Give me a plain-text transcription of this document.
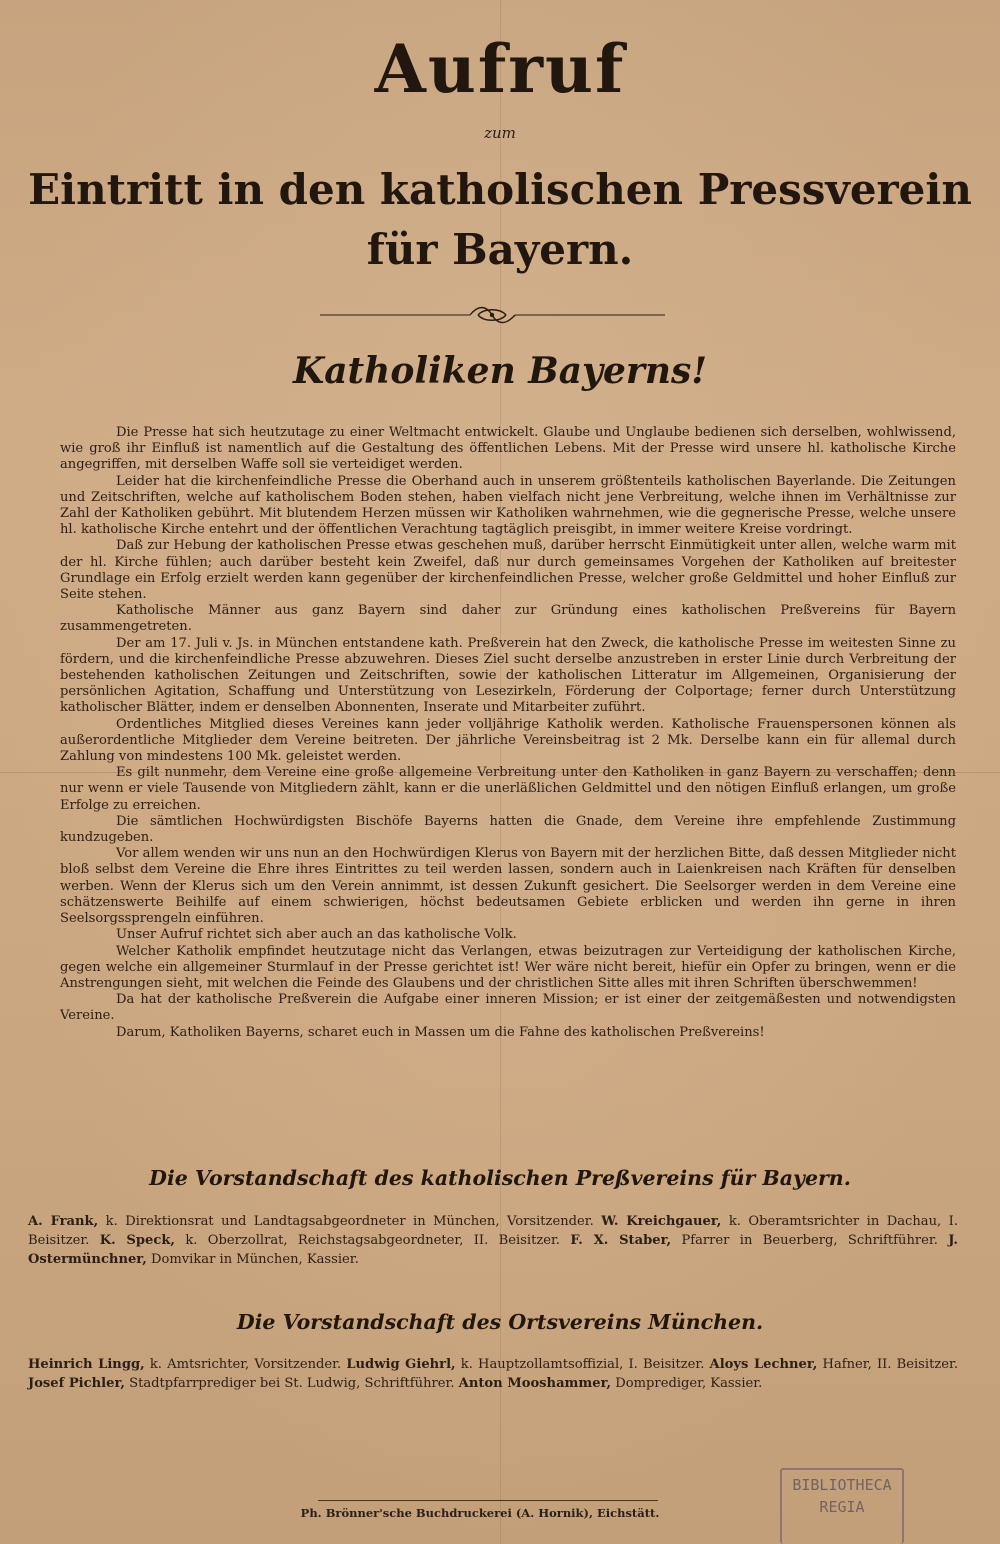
Aufruf
zum
Eintritt in den katholischen Pressverein
für Bayern.
Katholiken Bayerns!

Die Presse hat sich heutzutage zu einer Weltmacht entwickelt. Glaube und Unglaube bedienen sich derselben, wohlwissend, wie groß ihr Einfluß ist namentlich auf die Gestaltung des öffentlichen Lebens. Mit der Presse wird unsere hl. katholische Kirche angegriffen, mit derselben Waffe soll sie verteidiget werden.

Leider hat die kirchenfeindliche Presse die Oberhand auch in unserem größtenteils katholischen Bayerlande. Die Zeitungen und Zeitschriften, welche auf katholischem Boden stehen, haben vielfach nicht jene Verbreitung, welche ihnen im Verhältnisse zur Zahl der Katholiken gebührt. Mit blutendem Herzen müssen wir Katholiken wahrnehmen, wie die gegnerische Presse, welche unsere hl. katholische Kirche entehrt und der öffentlichen Verachtung tagtäglich preisgibt, in immer weitere Kreise vordringt.

Daß zur Hebung der katholischen Presse etwas geschehen muß, darüber herrscht Einmütigkeit unter allen, welche warm mit der hl. Kirche fühlen; auch darüber besteht kein Zweifel, daß nur durch gemeinsames Vorgehen der Katholiken auf breitester Grundlage ein Erfolg erzielt werden kann gegenüber der kirchenfeindlichen Presse, welcher große Geldmittel und hoher Einfluß zur Seite stehen.

Katholische Männer aus ganz Bayern sind daher zur Gründung eines katholischen Preßvereins für Bayern zusammengetreten.

Der am 17. Juli v. Js. in München entstandene kath. Preßverein hat den Zweck, die katholische Presse im weitesten Sinne zu fördern, und die kirchenfeindliche Presse abzuwehren. Dieses Ziel sucht derselbe anzustreben in erster Linie durch Verbreitung der bestehenden katholischen Zeitungen und Zeitschriften, sowie der katholischen Litteratur im Allgemeinen, Organisierung der persönlichen Agitation, Schaffung und Unterstützung von Lesezirkeln, Förderung der Colportage; ferner durch Unterstützung katholischer Blätter, indem er denselben Abonnenten, Inserate und Mitarbeiter zuführt.

Ordentliches Mitglied dieses Vereines kann jeder volljährige Katholik werden. Katholische Frauenspersonen können als außerordentliche Mitglieder dem Vereine beitreten. Der jährliche Vereinsbeitrag ist 2 Mk. Derselbe kann ein für allemal durch Zahlung von mindestens 100 Mk. geleistet werden.

Es gilt nunmehr, dem Vereine eine große allgemeine Verbreitung unter den Katholiken in ganz Bayern zu verschaffen; denn nur wenn er viele Tausende von Mitgliedern zählt, kann er die unerläßlichen Geldmittel und den nötigen Einfluß erlangen, um große Erfolge zu erreichen.

Die sämtlichen Hochwürdigsten Bischöfe Bayerns hatten die Gnade, dem Vereine ihre empfehlende Zustimmung kundzugeben.

Vor allem wenden wir uns nun an den Hochwürdigen Klerus von Bayern mit der herzlichen Bitte, daß dessen Mitglieder nicht bloß selbst dem Vereine die Ehre ihres Eintrittes zu teil werden lassen, sondern auch in Laienkreisen nach Kräften für denselben werben. Wenn der Klerus sich um den Verein annimmt, ist dessen Zukunft gesichert. Die Seelsorger werden in dem Vereine eine schätzenswerte Beihilfe auf einem schwierigen, höchst bedeutsamen Gebiete erblicken und werden ihn gerne in ihren Seelsorgssprengeln einführen.

Unser Aufruf richtet sich aber auch an das katholische Volk.

Welcher Katholik empfindet heutzutage nicht das Verlangen, etwas beizutragen zur Verteidigung der katholischen Kirche, gegen welche ein allgemeiner Sturmlauf in der Presse gerichtet ist! Wer wäre nicht bereit, hiefür ein Opfer zu bringen, wenn er die Anstrengungen sieht, mit welchen die Feinde des Glaubens und der christlichen Sitte alles mit ihren Schriften überschwemmen!

Da hat der katholische Preßverein die Aufgabe einer inneren Mission; er ist einer der zeitgemäßesten und notwendigsten Vereine.

Darum, Katholiken Bayerns, scharet euch in Massen um die Fahne des katholischen Preßvereins!

Die Vorstandschaft des katholischen Preßvereins für Bayern.

A. Frank, k. Direktionsrat und Landtagsabgeordneter in München, Vorsitzender. W. Kreichgauer, k. Oberamtsrichter in Dachau, I. Beisitzer. K. Speck, k. Oberzollrat, Reichstagsabgeordneter, II. Beisitzer. F. X. Staber, Pfarrer in Beuerberg, Schriftführer. J. Ostermünchner, Domvikar in München, Kassier.

Die Vorstandschaft des Ortsvereins München.

Heinrich Lingg, k. Amtsrichter, Vorsitzender. Ludwig Giehrl, k. Hauptzollamtsoffizial, I. Beisitzer. Aloys Lechner, Hafner, II. Beisitzer. Josef Pichler, Stadtpfarrprediger bei St. Ludwig, Schriftführer. Anton Mooshammer, Domprediger, Kassier.

Ph. Brönner'sche Buchdruckerei (A. Hornik), Eichstätt.
BIBLIOTHECA
REGIA
